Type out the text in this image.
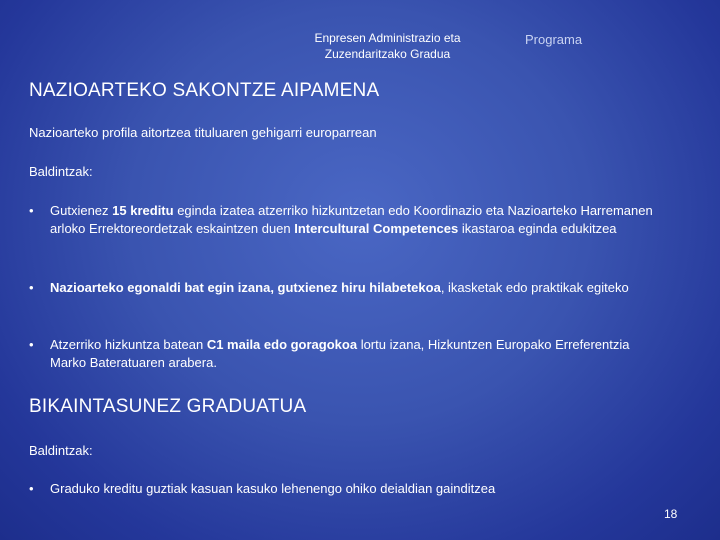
Enpresen Administrazio eta
Zuzendaritzako Gradua
Programa
NAZIOARTEKO SAKONTZE AIPAMENA
Nazioarteko profila aitortzea tituluaren gehigarri europarrean
Baldintzak:
• Gutxienez 15 kreditu eginda izatea atzerriko hizkuntzetan edo Koordinazio eta Nazioarteko Harremanen arloko Errektoreordetzak eskaintzen duen Intercultural Competences ikastaroa eginda edukitzea
• Nazioarteko egonaldi bat egin izana, gutxienez hiru hilabetekoa, ikasketak edo praktikak egiteko
• Atzerriko hizkuntza batean C1 maila edo goragokoa lortu izana, Hizkuntzen Europako Erreferentzia Marko Bateratuaren arabera.
BIKAINTASUNEZ GRADUATUA
Baldintzak:
• Graduko kreditu guztiak kasuan kasuko lehenengo ohiko deialdian gainditzea
18
